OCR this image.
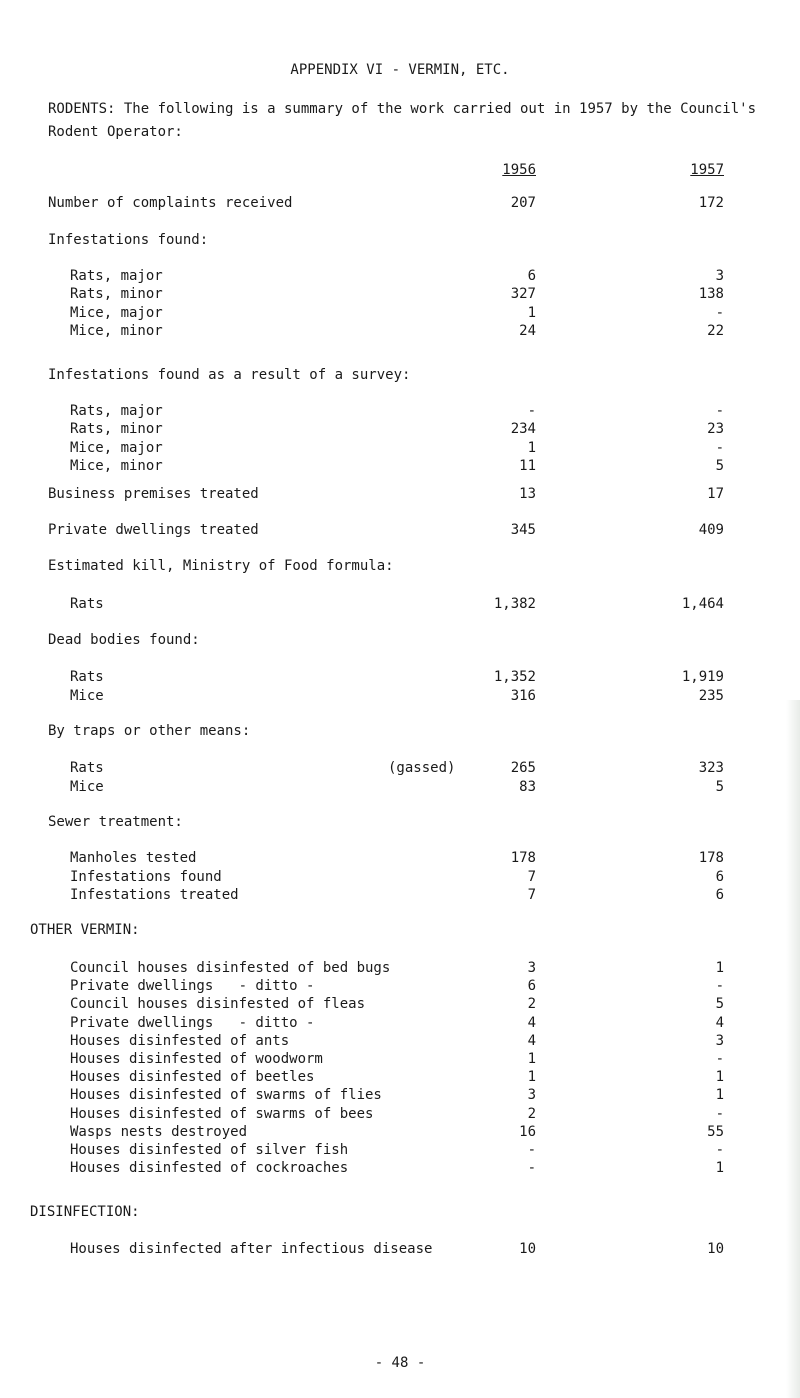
APPENDIX VI - VERMIN, ETC.
RODENTS: The following is a summary of the work carried out in 1957 by the Council's Rodent Operator:
1956	1957
Number of complaints received	207	172
Infestations found:
Rats, major	6	3
Rats, minor	327	138
Mice, major	1	-
Mice, minor	24	22
Infestations found as a result of a survey:
Rats, major	-	-
Rats, minor	234	23
Mice, major	1	-
Mice, minor	11	5
Business premises treated	13	17
Private dwellings treated	345	409
Estimated kill, Ministry of Food formula:
Rats	1,382	1,464
Dead bodies found:
Rats	1,352	1,919
Mice	316	235
By traps or other means:
Rats	(gassed)	265	323
Mice	83	5
Sewer treatment:
Manholes tested	178	178
Infestations found	7	6
Infestations treated	7	6
OTHER VERMIN:
Council houses disinfested of bed bugs	3	1
Private dwellings   - ditto -	6	-
Council houses disinfested of fleas	2	5
Private dwellings   - ditto -	4	4
Houses disinfested of ants	4	3
Houses disinfested of woodworm	1	-
Houses disinfested of beetles	1	1
Houses disinfested of swarms of flies	3	1
Houses disinfested of swarms of bees	2	-
Wasps nests destroyed	16	55
Houses disinfested of silver fish	-	-
Houses disinfested of cockroaches	-	1
DISINFECTION:
Houses disinfected after infectious disease	10	10
- 48 -
